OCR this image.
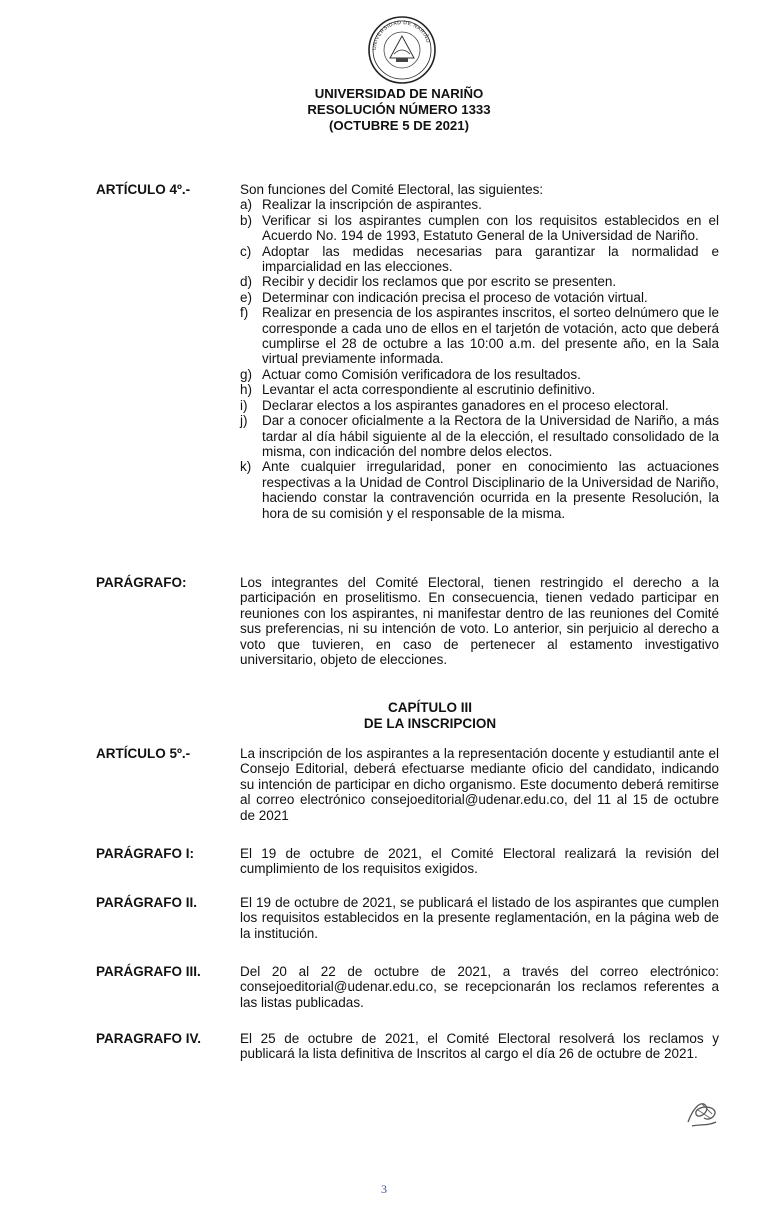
UNIVERSIDAD DE NARIÑO
UNIVERSIDAD DE NARIÑO
RESOLUCIÓN NÚMERO 1333
(OCTUBRE 5 DE 2021)
ARTÍCULO 4º.-	Son funciones del Comité Electoral, las siguientes:
a) Realizar la inscripción de aspirantes.
b) Verificar si los aspirantes cumplen con los requisitos establecidos en el Acuerdo No. 194 de 1993, Estatuto General de la Universidad de Nariño.
c) Adoptar las medidas necesarias para garantizar la normalidad e imparcialidad en las elecciones.
d) Recibir y decidir los reclamos que por escrito se presenten.
e) Determinar con indicación precisa el proceso de votación virtual.
f) Realizar en presencia de los aspirantes inscritos, el sorteo delnúmero que le corresponde a cada uno de ellos en el tarjetón de votación, acto que deberá cumplirse el 28 de octubre a las 10:00 a.m. del presente año, en la Sala virtual previamente informada.
g) Actuar como Comisión verificadora de los resultados.
h) Levantar el acta correspondiente al escrutinio definitivo.
i) Declarar electos a los aspirantes ganadores en el proceso electoral.
j) Dar a conocer oficialmente a la Rectora de la Universidad de Nariño, a más tardar al día hábil siguiente al de la elección, el resultado consolidado de la misma, con indicación del nombre delos electos.
k) Ante cualquier irregularidad, poner en conocimiento las actuaciones respectivas a la Unidad de Control Disciplinario de la Universidad de Nariño, haciendo constar la contravención ocurrida en la presente Resolución, la hora de su comisión y el responsable de la misma.
PARÁGRAFO:	Los integrantes del Comité Electoral, tienen restringido el derecho a la participación en proselitismo. En consecuencia, tienen vedado participar en reuniones con los aspirantes, ni manifestar dentro de las reuniones del Comité sus preferencias, ni su intención de voto. Lo anterior, sin perjuicio al derecho a voto que tuvieren, en caso de pertenecer al estamento investigativo universitario, objeto de elecciones.
CAPÍTULO III
DE LA INSCRIPCION
ARTÍCULO 5º.-	La inscripción de los aspirantes a la representación docente y estudiantil ante el Consejo Editorial, deberá efectuarse mediante oficio del candidato, indicando su intención de participar en dicho organismo. Este documento deberá remitirse al correo electrónico consejoeditorial@udenar.edu.co, del 11 al 15 de octubre de 2021
PARÁGRAFO I:	El 19 de octubre de 2021, el Comité Electoral realizará la revisión del cumplimiento de los requisitos exigidos.
PARÁGRAFO II.	El 19 de octubre de 2021, se publicará el listado de los aspirantes que cumplen los requisitos establecidos en la presente reglamentación, en la página web de la institución.
PARÁGRAFO III.	Del 20 al 22 de octubre de 2021, a través del correo electrónico: consejoeditorial@udenar.edu.co, se recepcionarán los reclamos referentes a las listas publicadas.
PARAGRAFO IV.	El 25 de octubre de 2021, el Comité Electoral resolverá los reclamos y publicará la lista definitiva de Inscritos al cargo el día 26 de octubre de 2021.
3
